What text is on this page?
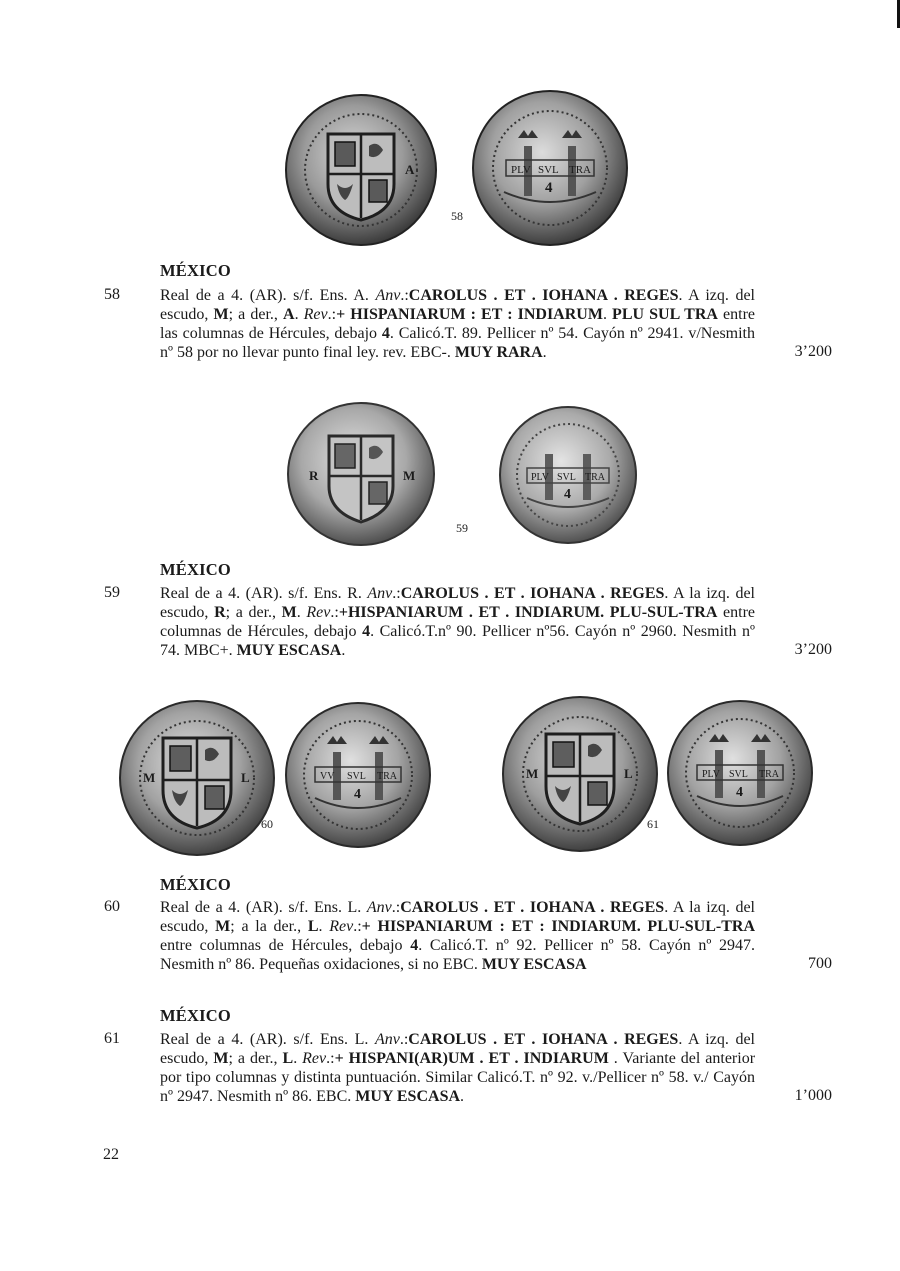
A	PLV SVL TRA
4
58
MÉXICO
58	Real de a 4. (AR). s/f. Ens. A. Anv.:CAROLUS . ET . IOHANA . REGES. A izq. del escudo, M; a der., A. Rev.:+ HISPANIARUM : ET : INDIARUM. PLU SUL TRA entre las columnas de Hércules, debajo 4. Calicó.T. 89. Pellicer nº 54. Cayón nº 2941. v/Nesmith nº 58 por no llevar punto final ley. rev. EBC-. MUY RARA.	3’200
R	M	PLV SVL TRA
4
59
MÉXICO
59	Real de a 4. (AR). s/f. Ens. R. Anv.:CAROLUS . ET . IOHANA . REGES. A la izq. del escudo, R; a der., M. Rev.:+HISPANIARUM . ET . INDIARUM. PLU-SUL-TRA entre columnas de Hércules, debajo 4. Calicó.T.nº 90. Pellicer nº56. Cayón nº 2960. Nesmith nº 74. MBC+. MUY ESCASA.	3’200
M	L	VV SVL TRA
4
60
M	L	PLV SVL TRA
4
61
MÉXICO
60	Real de a 4. (AR). s/f. Ens. L. Anv.:CAROLUS . ET . IOHANA . REGES. A la izq. del escudo, M; a la der., L. Rev.:+ HISPANIARUM : ET : INDIARUM. PLU-SUL-TRA entre columnas de Hércules, debajo 4. Calicó.T. nº 92. Pellicer nº 58. Cayón nº 2947. Nesmith nº 86. Pequeñas oxidaciones, si no EBC. MUY ESCASA	700
MÉXICO
61	Real de a 4. (AR). s/f. Ens. L. Anv.:CAROLUS . ET . IOHANA . REGES. A izq. del escudo, M; a der., L. Rev.:+ HISPANI(AR)UM . ET . INDIARUM . Variante del anterior por tipo columnas y distinta puntuación. Similar Calicó.T. nº 92. v./Pellicer nº 58. v./ Cayón nº 2947. Nesmith nº 86. EBC. MUY ESCASA.	1’000
22
